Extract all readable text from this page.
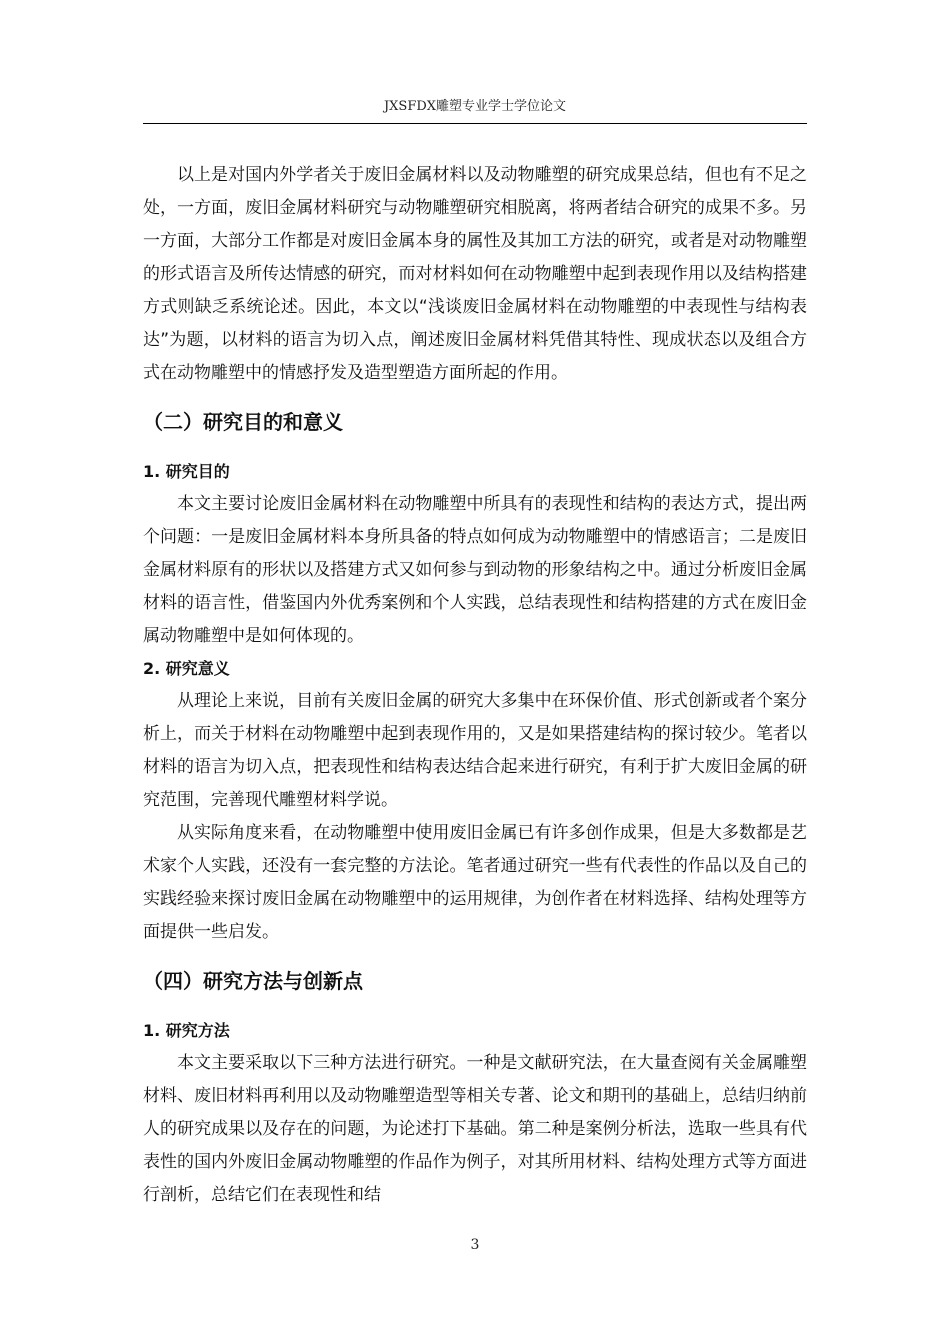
JXSFDX雕塑专业学士学位论文

以上是对国内外学者关于废旧金属材料以及动物雕塑的研究成果总结，但也有不足之处，一方面，废旧金属材料研究与动物雕塑研究相脱离，将两者结合研究的成果不多。另一方面，大部分工作都是对废旧金属本身的属性及其加工方法的研究，或者是对动物雕塑的形式语言及所传达情感的研究，而对材料如何在动物雕塑中起到表现作用以及结构搭建方式则缺乏系统论述。因此，本文以“浅谈废旧金属材料在动物雕塑的中表现性与结构表达”为题，以材料的语言为切入点，阐述废旧金属材料凭借其特性、现成状态以及组合方式在动物雕塑中的情感抒发及造型塑造方面所起的作用。

（二）研究目的和意义
1. 研究目的

本文主要讨论废旧金属材料在动物雕塑中所具有的表现性和结构的表达方式，提出两个问题：一是废旧金属材料本身所具备的特点如何成为动物雕塑中的情感语言；二是废旧金属材料原有的形状以及搭建方式又如何参与到动物的形象结构之中。通过分析废旧金属材料的语言性，借鉴国内外优秀案例和个人实践，总结表现性和结构搭建的方式在废旧金属动物雕塑中是如何体现的。

2. 研究意义

从理论上来说，目前有关废旧金属的研究大多集中在环保价值、形式创新或者个案分析上，而关于材料在动物雕塑中起到表现作用的，又是如果搭建结构的探讨较少。笔者以材料的语言为切入点，把表现性和结构表达结合起来进行研究，有利于扩大废旧金属的研究范围，完善现代雕塑材料学说。

从实际角度来看，在动物雕塑中使用废旧金属已有许多创作成果，但是大多数都是艺术家个人实践，还没有一套完整的方法论。笔者通过研究一些有代表性的作品以及自己的实践经验来探讨废旧金属在动物雕塑中的运用规律，为创作者在材料选择、结构处理等方面提供一些启发。

（四）研究方法与创新点
1. 研究方法

本文主要采取以下三种方法进行研究。一种是文献研究法，在大量查阅有关金属雕塑材料、废旧材料再利用以及动物雕塑造型等相关专著、论文和期刊的基础上，总结归纳前人的研究成果以及存在的问题，为论述打下基础。第二种是案例分析法，选取一些具有代表性的国内外废旧金属动物雕塑的作品作为例子，对其所用材料、结构处理方式等方面进行剖析，总结它们在表现性和结

3
